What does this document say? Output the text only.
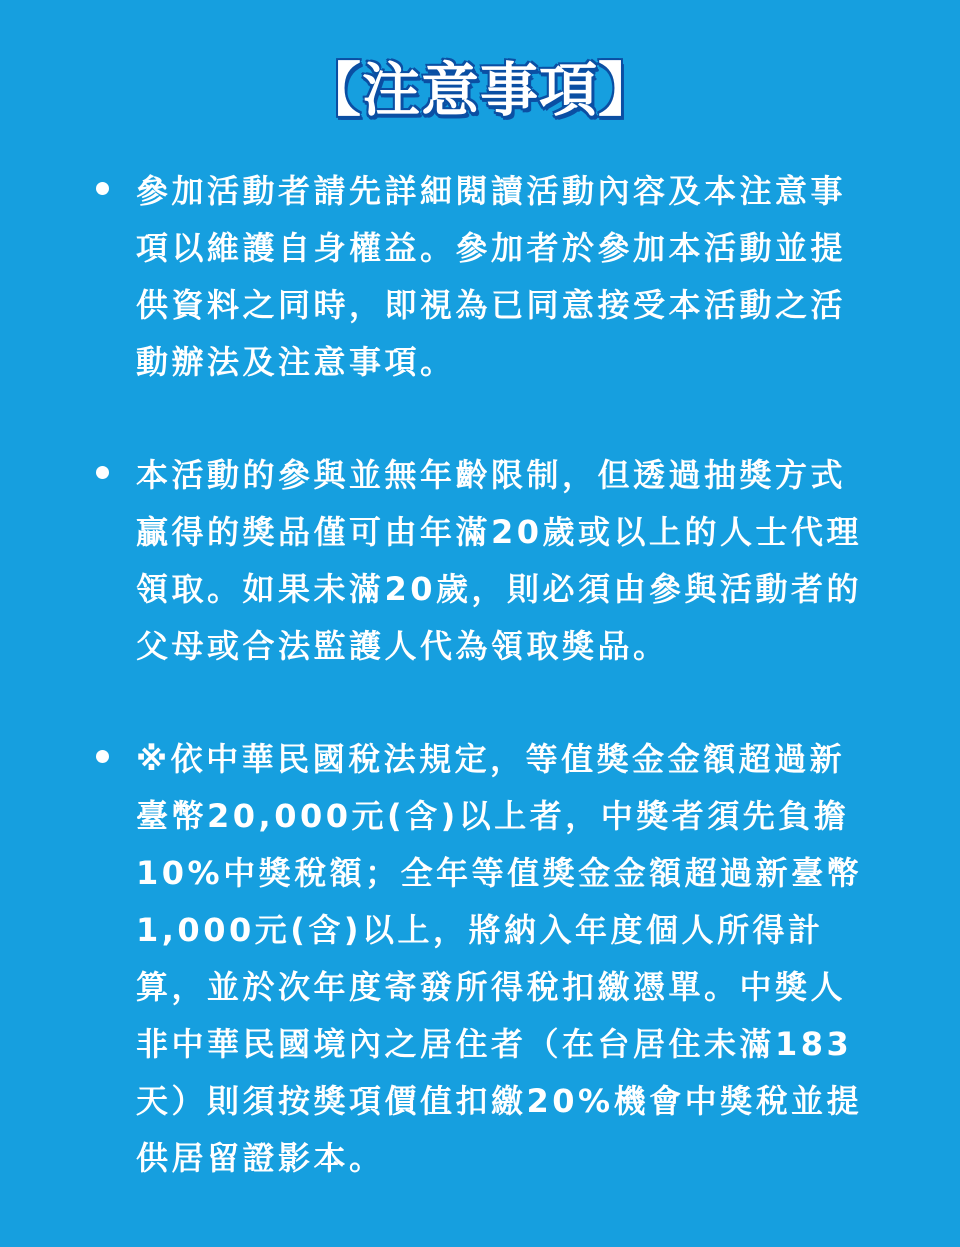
【注意事項】
參加活動者請先詳細閱讀活動內容及本注意事項以維護自身權益。參加者於參加本活動並提供資料之同時，即視為已同意接受本活動之活動辦法及注意事項。
本活動的參與並無年齡限制，但透過抽獎方式贏得的獎品僅可由年滿20歲或以上的人士代理領取。如果未滿20歲，則必須由參與活動者的父母或合法監護人代為領取獎品。
※依中華民國稅法規定，等值獎金金額超過新臺幣20,000元(含)以上者，中獎者須先負擔10%中獎稅額；全年等值獎金金額超過新臺幣1,000元(含)以上，將納入年度個人所得計算，並於次年度寄發所得稅扣繳憑單。中獎人非中華民國境內之居住者（在台居住未滿183天）則須按獎項價值扣繳20%機會中獎稅並提供居留證影本。
